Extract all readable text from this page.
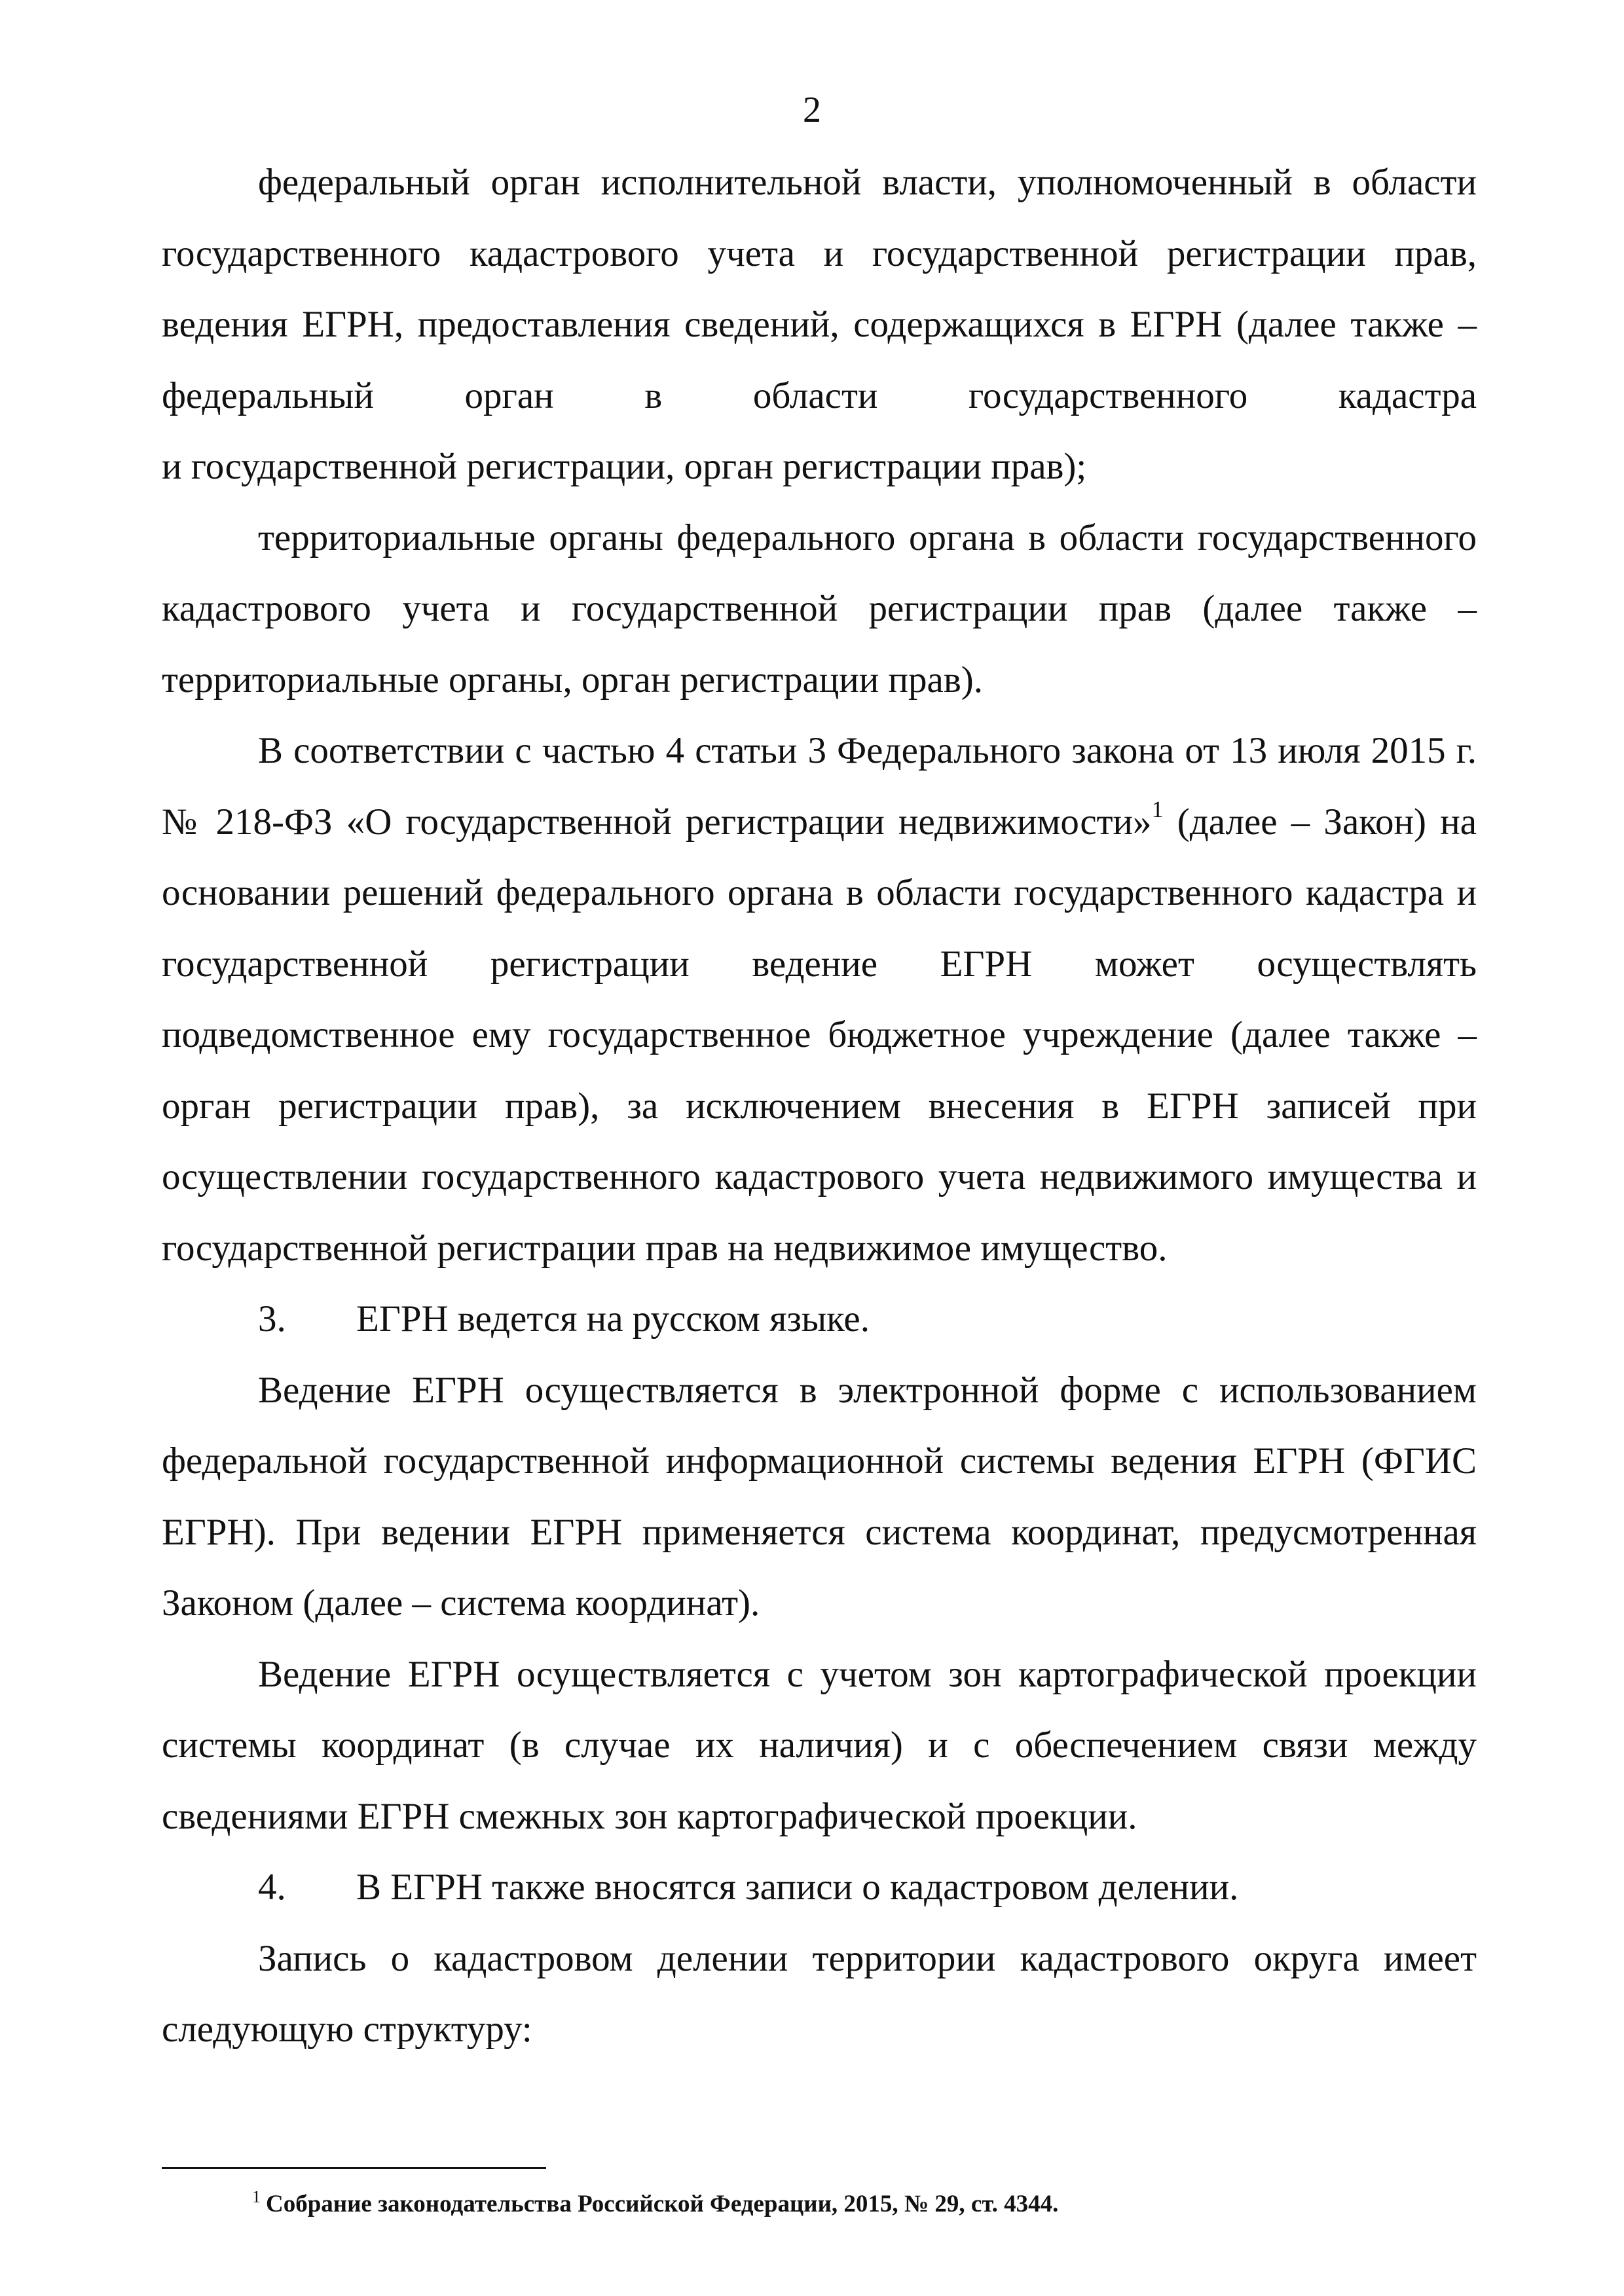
2

федеральный орган исполнительной власти, уполномоченный в области государственного кадастрового учета и государственной регистрации прав, ведения ЕГРН, предоставления сведений, содержащихся в ЕГРН (далее также – федеральный орган в области государственного кадастра

и государственной регистрации, орган регистрации прав);

территориальные органы федерального органа в области государственного кадастрового учета и государственной регистрации прав (далее также – территориальные органы, орган регистрации прав).

В соответствии с частью 4 статьи 3 Федерального закона от 13 июля 2015 г. № 218-ФЗ «О государственной регистрации недвижимости»$^1$ (далее – Закон) на основании решений федерального органа в области государственного кадастра и государственной регистрации ведение ЕГРН может осуществлять подведомственное ему государственное бюджетное учреждение (далее также – орган регистрации прав), за исключением внесения в ЕГРН записей при осуществлении государственного кадастрового учета недвижимого имущества и государственной регистрации прав на недвижимое имущество.

3. ЕГРН ведется на русском языке.

Ведение ЕГРН осуществляется в электронной форме с использованием федеральной государственной информационной системы ведения ЕГРН (ФГИС ЕГРН). При ведении ЕГРН применяется система координат, предусмотренная Законом (далее – система координат).

Ведение ЕГРН осуществляется с учетом зон картографической проекции системы координат (в случае их наличия) и с обеспечением связи между сведениями ЕГРН смежных зон картографической проекции.

4. В ЕГРН также вносятся записи о кадастровом делении.

Запись о кадастровом делении территории кадастрового округа имеет следующую структуру:

$^1$ Собрание законодательства Российской Федерации, 2015, № 29, ст. 4344.
